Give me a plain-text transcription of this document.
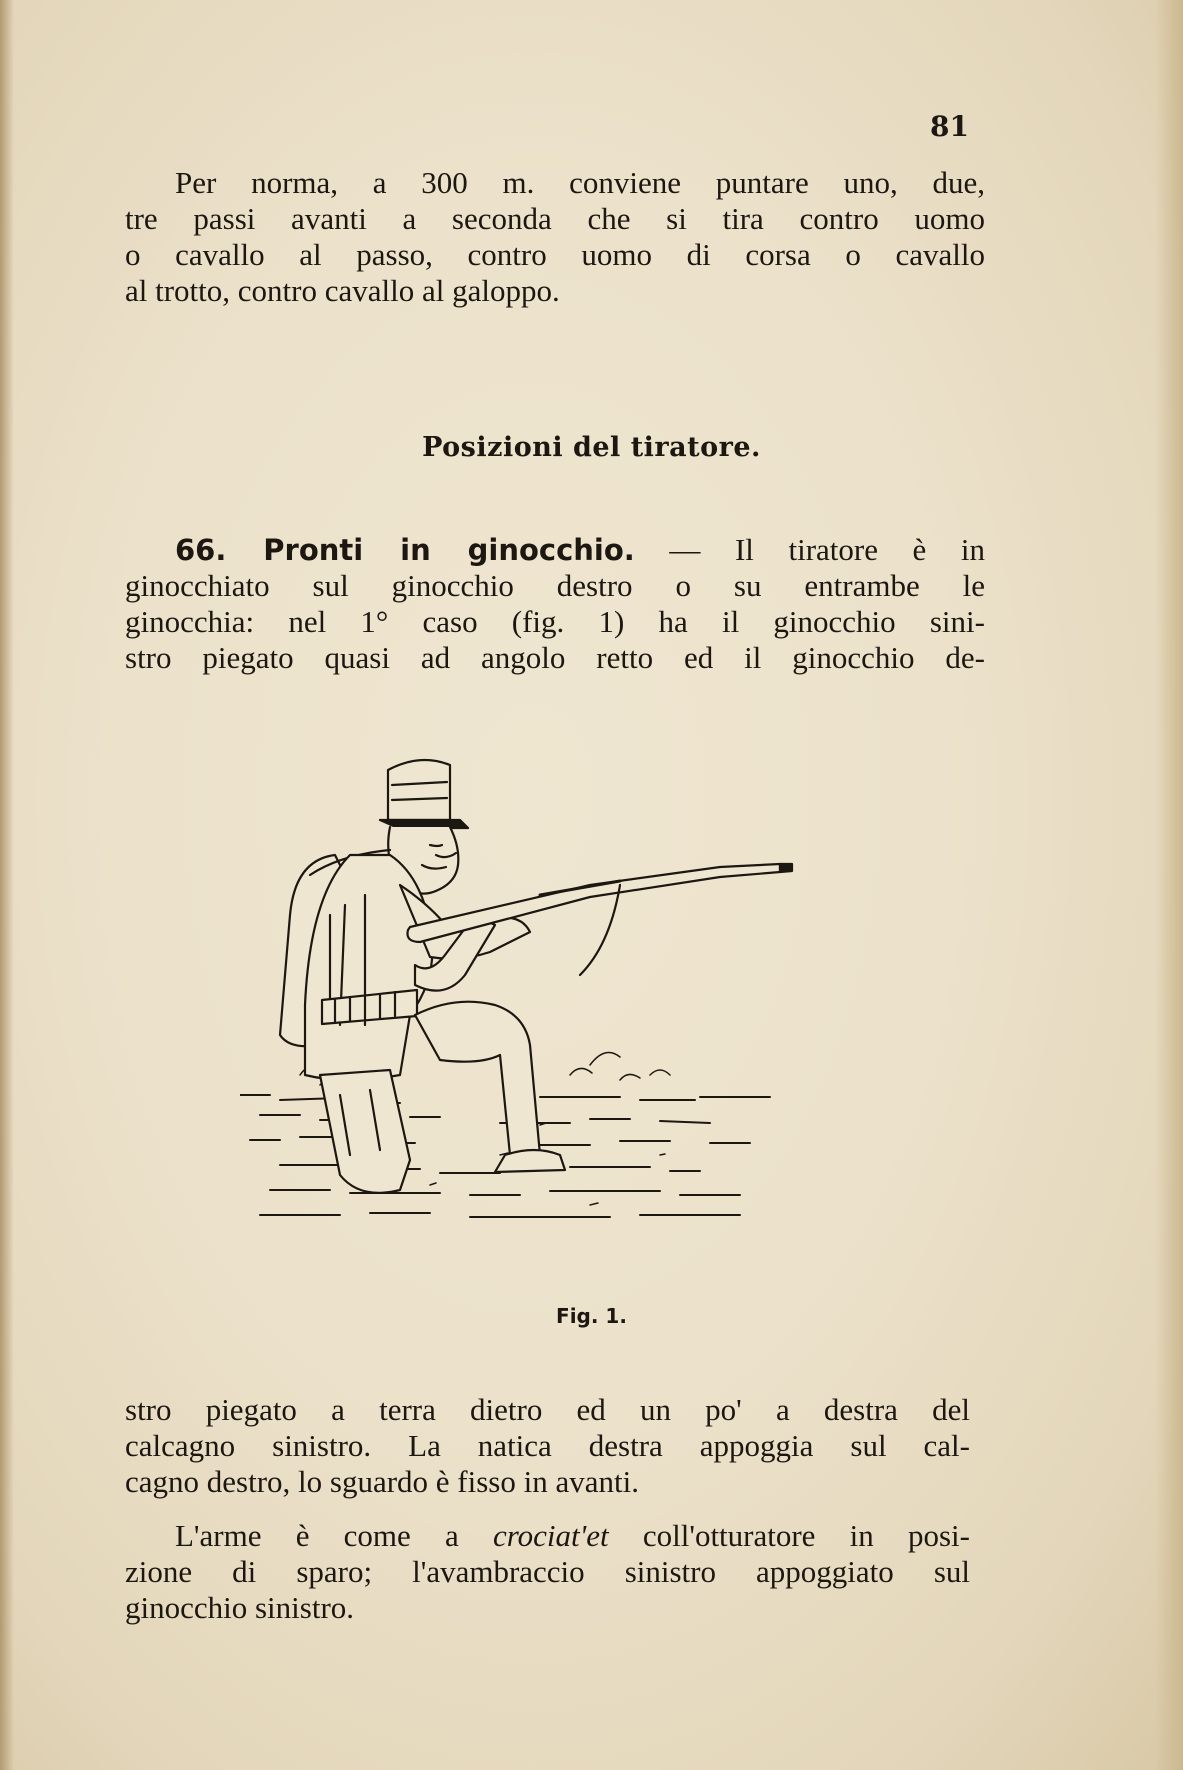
81
Per norma, a 300 m. conviene puntare uno, due,
tre passi avanti a seconda che si tira contro uomo
o cavallo al passo, contro uomo di corsa o cavallo
al trotto, contro cavallo al galoppo.
Posizioni del tiratore.
66. Pronti in ginocchio. — Il tiratore è in
ginocchiato sul ginocchio destro o su entrambe le
ginocchia: nel 1° caso (fig. 1) ha il ginocchio sini-
stro piegato quasi ad angolo retto ed il ginocchio de-
Fig. 1.
stro piegato a terra dietro ed un po' a destra del
calcagno sinistro. La natica destra appoggia sul cal-
cagno destro, lo sguardo è fisso in avanti.
L'arme è come a crociat'et coll'otturatore in posi-
zione di sparo; l'avambraccio sinistro appoggiato sul
ginocchio sinistro.
